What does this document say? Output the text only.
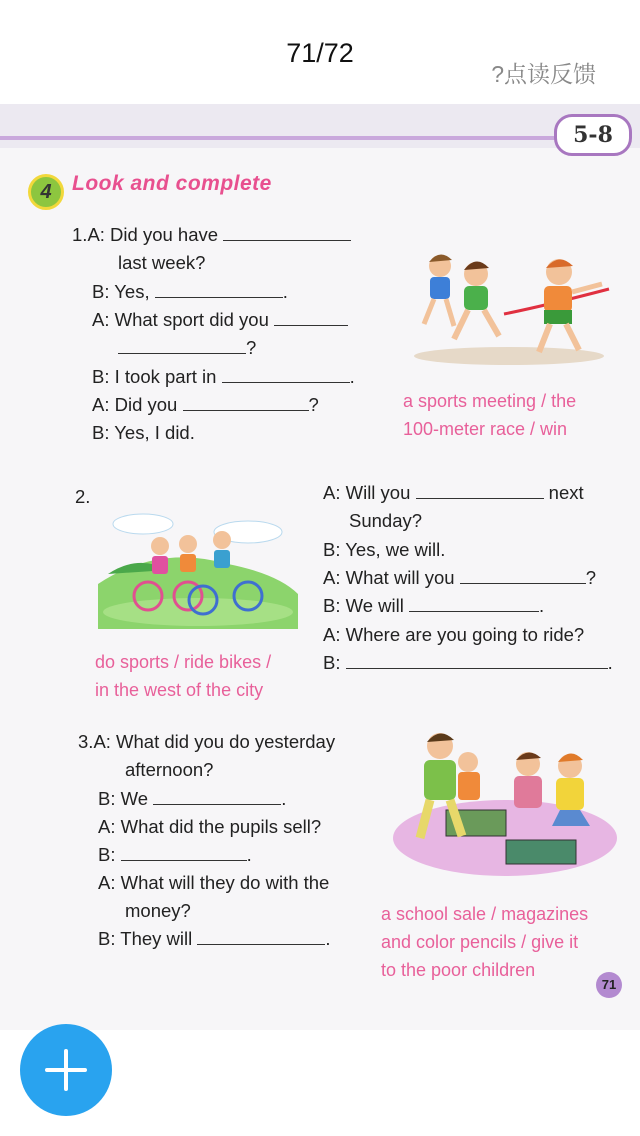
71/72
?点读反馈
5-8
4 Look and complete
1.A: Did you have
last week?
B: Yes,	.
A: What sport did you
?
B: I took part in	.
A: Did you	?
B: Yes, I did.
a sports meeting / the
100-meter race / win
2.
do sports / ride bikes /
in the west of the city
A: Will you	next
Sunday?
B: Yes, we will.
A: What will you	?
B: We will	.
A: Where are you going to ride?
B:	.
3.A: What did you do yesterday
afternoon?
B: We	.
A: What did the pupils sell?
B:	.
A: What will they do with the
money?
B: They will	.
a school sale / magazines
and color pencils / give it
to the poor children
71
